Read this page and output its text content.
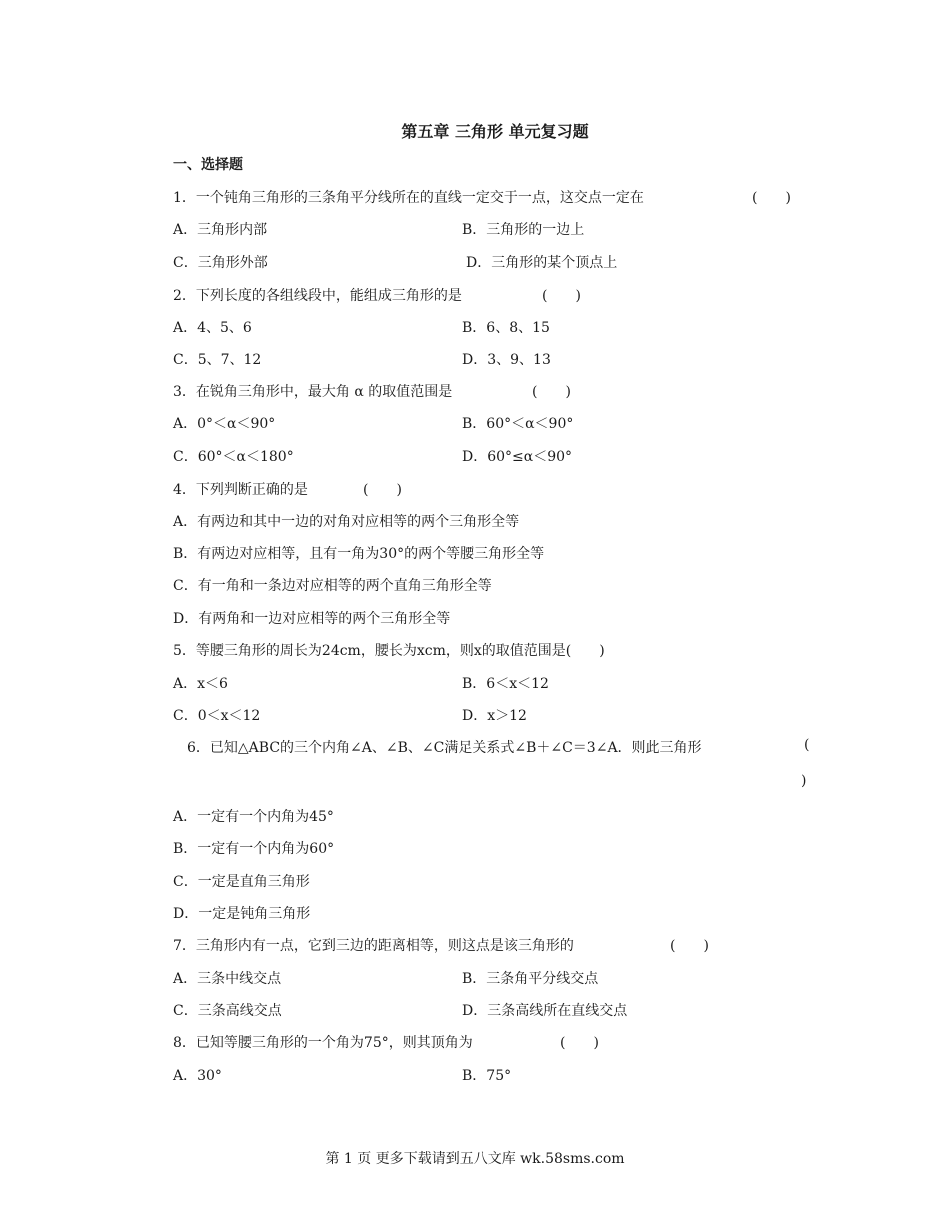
第五章 三角形 单元复习题
一、选择题
1．一个钝角三角形的三条角平分线所在的直线一定交于一点，这交点一定在	(　　)
A．三角形内部	B．三角形的一边上
C．三角形外部	D．三角形的某个顶点上
2．下列长度的各组线段中，能组成三角形的是	(　　)
A．4、5、6	B．6、8、15
C．5、7、12	D．3、9、13
3．在锐角三角形中，最大角 α 的取值范围是	(　　)
A．0°＜α＜90°	B．60°＜α＜90°
C．60°＜α＜180°	D．60°≤α＜90°
4．下列判断正确的是	(　　)
A．有两边和其中一边的对角对应相等的两个三角形全等
B．有两边对应相等，且有一角为30°的两个等腰三角形全等
C．有一角和一条边对应相等的两个直角三角形全等
D．有两角和一边对应相等的两个三角形全等
5．等腰三角形的周长为24cm，腰长为xcm，则x的取值范围是(　　)
A．x＜6	B．6＜x＜12
C．0＜x＜12	D．x＞12
6．已知△ABC的三个内角∠A、∠B、∠C满足关系式∠B＋∠C＝3∠A．则此三角形	(
)
A．一定有一个内角为45°
B．一定有一个内角为60°
C．一定是直角三角形
D．一定是钝角三角形
7．三角形内有一点，它到三边的距离相等，则这点是该三角形的	(　　)
A．三条中线交点	B．三条角平分线交点
C．三条高线交点	D．三条高线所在直线交点
8．已知等腰三角形的一个角为75°，则其顶角为	(　　)
A．30°	B．75°
第 1 页 更多下载请到五八文库 wk.58sms.com
